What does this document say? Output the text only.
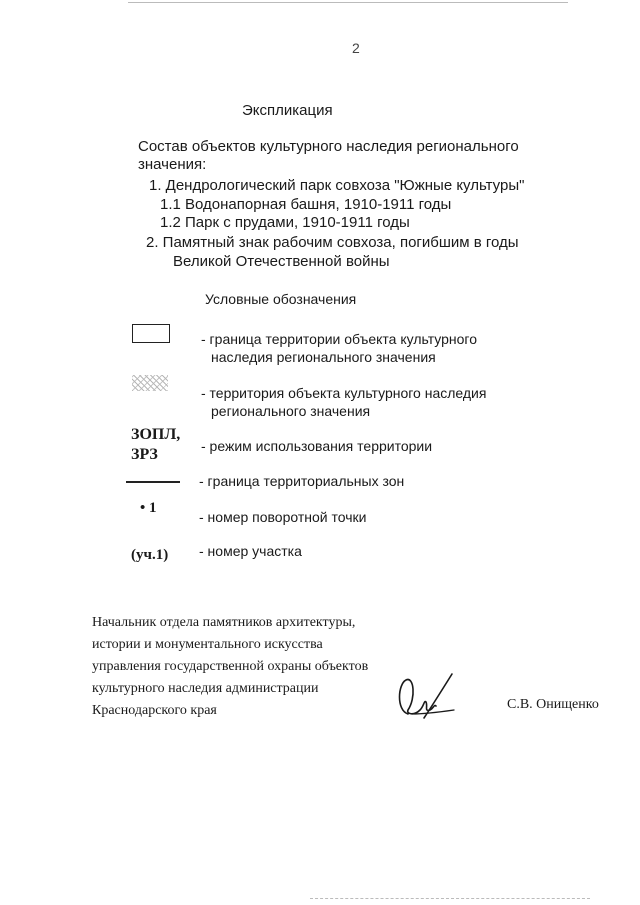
2
Экспликация
Состав объектов культурного наследия регионального
значения:
1. Дендрологический парк совхоза "Южные культуры"
1.1 Водонапорная башня, 1910-1911 годы
1.2 Парк с прудами, 1910-1911 годы
2. Памятный знак рабочим совхоза, погибшим в годы
Великой Отечественной войны
Условные обозначения
- граница территории объекта культурного
наследия регионального значения
- территория объекта культурного наследия
регионального значения
ЗОПЛ,
ЗРЗ	- режим использования территории
- граница территориальных зон
• 1
- номер поворотной точки
(уч.1) - номер участка
Начальник отдела памятников архитектуры,
истории и монументального искусства
управления государственной охраны объектов
культурного наследия администрации
Краснодарского края	С.В. Онищенко
